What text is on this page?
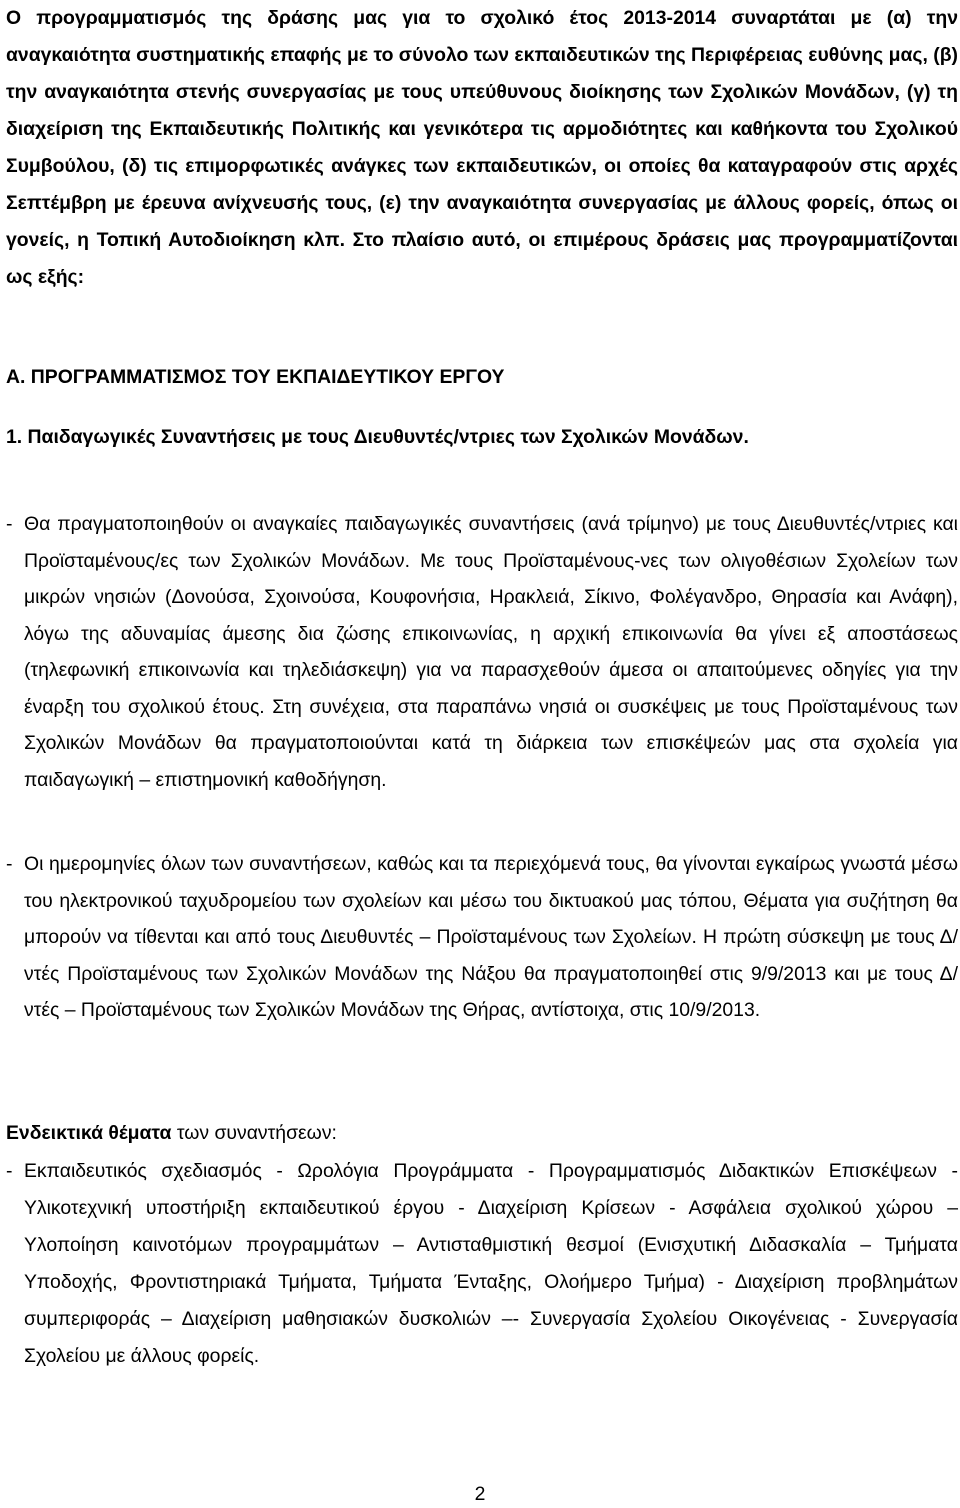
Ο προγραμματισμός της δράσης μας για το σχολικό έτος 2013-2014 συναρτάται με (α) την αναγκαιότητα συστηματικής επαφής με το σύνολο των εκπαιδευτικών της Περιφέρειας ευθύνης μας, (β) την αναγκαιότητα στενής συνεργασίας με τους υπεύθυνους διοίκησης των Σχολικών Μονάδων, (γ) τη διαχείριση της Εκπαιδευτικής Πολιτικής και γενικότερα τις αρμοδιότητες και καθήκοντα του Σχολικού Συμβούλου, (δ) τις επιμορφωτικές ανάγκες των εκπαιδευτικών, οι οποίες θα καταγραφούν στις αρχές Σεπτέμβρη με έρευνα ανίχνευσής τους, (ε) την αναγκαιότητα συνεργασίας με άλλους φορείς, όπως οι γονείς, η Τοπική Αυτοδιοίκηση κλπ. Στο πλαίσιο αυτό, οι επιμέρους δράσεις μας προγραμματίζονται ως εξής:

Α. ΠΡΟΓΡΑΜΜΑΤΙΣΜΟΣ ΤΟΥ ΕΚΠΑΙΔΕΥΤΙΚΟΥ ΕΡΓΟΥ

1. Παιδαγωγικές Συναντήσεις με τους Διευθυντές/ντριες των Σχολικών Μονάδων.

- Θα πραγματοποιηθούν οι αναγκαίες παιδαγωγικές συναντήσεις (ανά τρίμηνο) με τους Διευθυντές/ντριες και Προϊσταμένους/ες των Σχολικών Μονάδων. Με τους Προϊσταμένους-νες των ολιγοθέσιων Σχολείων των μικρών νησιών (Δονούσα, Σχοινούσα, Κουφονήσια, Ηρακλειά, Σίκινο, Φολέγανδρο, Θηρασία και Ανάφη), λόγω της αδυναμίας άμεσης δια ζώσης επικοινωνίας, η αρχική επικοινωνία θα γίνει εξ αποστάσεως (τηλεφωνική επικοινωνία και τηλεδιάσκεψη) για να παρασχεθούν άμεσα οι απαιτούμενες οδηγίες για την έναρξη του σχολικού έτους. Στη συνέχεια, στα παραπάνω νησιά οι συσκέψεις με τους Προϊσταμένους των Σχολικών Μονάδων θα πραγματοποιούνται κατά τη διάρκεια των επισκέψεών μας στα σχολεία για παιδαγωγική – επιστημονική καθοδήγηση.
- Οι ημερομηνίες όλων των συναντήσεων, καθώς και τα περιεχόμενά τους, θα γίνονται εγκαίρως γνωστά μέσω του ηλεκτρονικού ταχυδρομείου των σχολείων και μέσω του δικτυακού μας τόπου, Θέματα για συζήτηση θα μπορούν να τίθενται και από τους Διευθυντές – Προϊσταμένους των Σχολείων. Η πρώτη σύσκεψη με τους Δ/ντές Προϊσταμένους των Σχολικών Μονάδων της Νάξου θα πραγματοποιηθεί στις 9/9/2013 και με τους Δ/ντές – Προϊσταμένους των Σχολικών Μονάδων της Θήρας, αντίστοιχα, στις 10/9/2013.

Ενδεικτικά θέματα των συναντήσεων:

- Εκπαιδευτικός σχεδιασμός - Ωρολόγια Προγράμματα - Προγραμματισμός Διδακτικών Επισκέψεων - Υλικοτεχνική υποστήριξη εκπαιδευτικού έργου - Διαχείριση Κρίσεων - Ασφάλεια σχολικού χώρου – Υλοποίηση καινοτόμων προγραμμάτων – Αντισταθμιστική θεσμοί (Ενισχυτική Διδασκαλία – Τμήματα Υποδοχής, Φροντιστηριακά Τμήματα, Τμήματα Ένταξης, Ολοήμερο Τμήμα) - Διαχείριση προβλημάτων συμπεριφοράς – Διαχείριση μαθησιακών δυσκολιών –- Συνεργασία Σχολείου Οικογένειας - Συνεργασία Σχολείου με άλλους φορείς.

2
